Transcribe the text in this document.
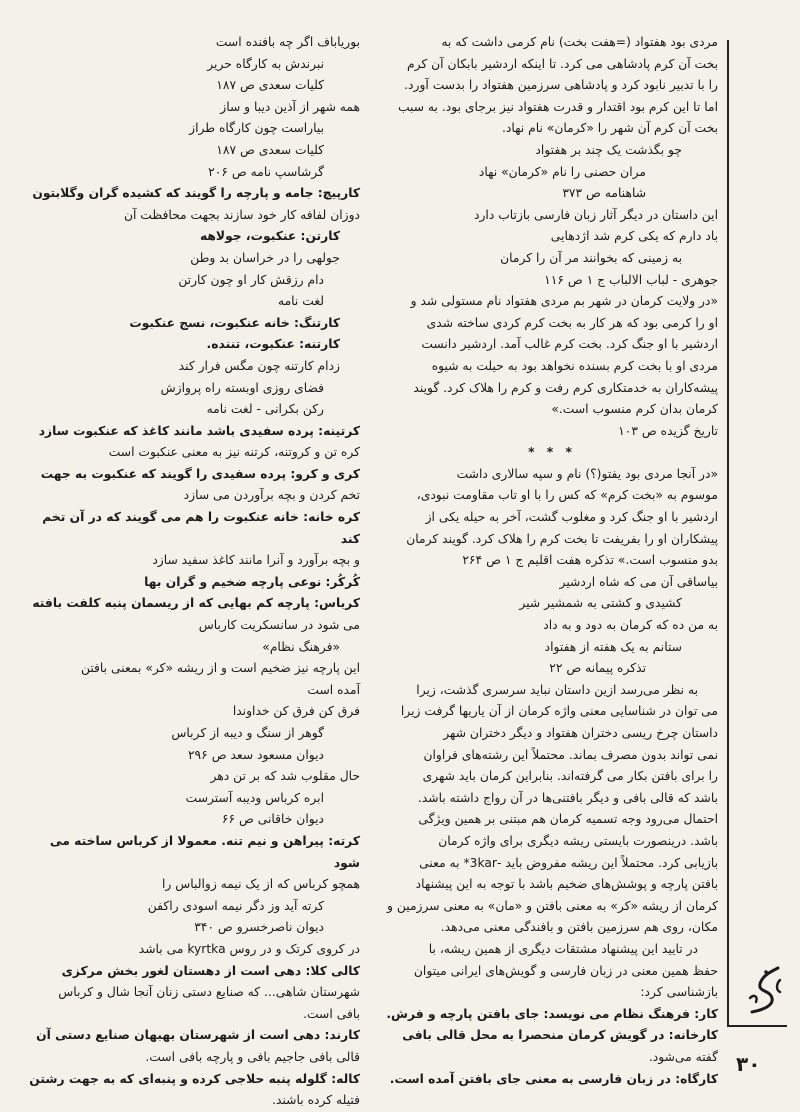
مردی بود هفتواد (=هفت بخت) نام کرمی داشت که به

بخت آن کرم پادشاهی می کرد. تا اینکه اردشیر بابکان آن کرم

را با تدبیر نابود کرد و پادشاهی سرزمین هفتواد را بدست آورد.

اما تا این کرم بود اقتدار و قدرت هفتواد نیز برجای بود. به سبب

بخت آن کرم آن شهر را «کرمان» نام نهاد.

چو بگذشت یک چند بر هفتواد

مران حصنی را نام «کرمان» نهاد

شاهنامه ص ۳۷۳

این داستان در دیگر آثار زبان فارسی بازتاب دارد

باد دارم که یکی کرم شد اژدهایی

به زمینی که بخوانند مر آن را کرمان

جوهری - لباب الالباب ج ۱ ص ۱۱۶

«در ولایت کرمان در شهر بم مردی هفتواد نام مستولی شد و

او را کرمی بود که هر کار به بخت کرم کردی ساخته شدی

اردشیر با او جنگ کرد. بخت کرم غالب آمد. اردشیر دانست

مردی او با بخت کرم بسنده نخواهد بود به حیلت به شیوه

پیشه‌کاران به خدمتکاری کرم رفت و کرم را هلاک کرد. گویند

کرمان بدان کرم منسوب است.»

تاریخ گزیده ص ۱۰۳

* * *

«در آنجا مردی بود یفتو(؟) نام و سپه سالاری داشت

موسوم به «بخت کرم» که کس را با او تاب مقاومت نبودی،

اردشیر با او جنگ کرد و مغلوب گشت، آخر به حیله یکی از

پیشکاران او را بفریفت تا بخت کرم را هلاک کرد. گویند کرمان

بدو منسوب است.» تذکره هفت اقلیم ج ۱ ص ۲۶۴

بیاساقی آن می که شاه اردشیر

کشیدی و کشتی به شمشیر شیر

به من ده که کرمان به دود و به داد

ستانم به یک هفته از هفتواد

تذکره پیمانه ص ۲۲

به نظر می‌رسد ازین داستان نباید سرسری گذشت، زیرا

می توان در شناسایی معنی واژه کرمان از آن یاریها گرفت زیرا

داستان چرخ ریسی دختران هفتواد و دیگر دختران شهر

نمی تواند بدون مصرف بماند. محتملاً این رشته‌های فراوان

را برای بافتن بکار می گرفته‌اند. بنابراین کرمان باید شهری

باشد که قالی بافی و دیگر بافتنی‌ها در آن رواج داشته باشد.

احتمال می‌رود وجه تسمیه کرمان هم مبتنی بر همین ویژگی

باشد. درینصورت بایستی ریشه دیگری برای واژه کرمان

بازیابی کرد. محتملاً این ریشه مفروض باید -3kar* به معنی

بافتن پارچه و پوشش‌های ضخیم باشد با توجه به این پیشنهاد

کرمان از ریشه «کر» به معنی بافتن و «مان» به معنی سرزمین و

مکان، روی هم سرزمین بافتن و بافندگی معنی می‌دهد.

در تایید این پیشنهاد مشتقات دیگری از همین ریشه، با

حفظ همین معنی در زبان فارسی و گویش‌های ایرانی میتوان

بازشناسی کرد:

کار: فرهنگ نظام می نویسد: جای بافتن پارچه و فرش.

کارخانه: در گویش کرمان منحصرا به محل قالی بافی

گفته می‌شود.

کارگاه: در زبان فارسی به معنی جای بافتن آمده است.

بوریاباف اگر چه بافنده است

نبرندش به کارگاه حریر

کلیات سعدی ص ۱۸۷

همه شهر از آذین دیبا و ساز

بیاراست چون کارگاه طراز

کلیات سعدی ص ۱۸۷

گرشاسپ نامه ص ۲۰۶

کارپیچ: جامه و پارچه را گویند که کشیده گران وگلابتون

دوزان لفافه کار خود سازند بجهت محافظت آن

کارتن: عنکبوت، جولاهه

جولهی را در خراسان بد وطن

دام رزقش کار او چون کارتن

لغت نامه

کارتنگ: خانه عنکبوت، نسج عنکبوت

کارتنه: عنکبوت، تننده.

زدام کارتنه چون مگس فرار کند

فضای روزی اوبسته راه پروازش

رکن بکرانی - لغت نامه

کرتینه: پرده سفیدی باشد مانند کاغذ که عنکبوت سازد

کره تن و کروتنه، کرتنه نیز به معنی عنکبوت است

کری و کرو: پرده سفیدی را گویند که عنکبوت به جهت

تخم کردن و بچه برآوردن می سازد

کره خانه: خانه عنکبوت را هم می گویند که در آن تخم کند

و بچه برآورد و آنرا مانند کاغذ سفید سازد

کُرکُر: نوعی پارچه ضخیم و گران بها

کرباس: پارچه کم بهایی که از ریسمان پنبه کلفت بافته

می شود در سانسکریت کارباس

«فرهنگ نظام»

این پارچه نیز ضخیم است و از ریشه «کر» بمعنی بافتن

آمده است

فرق کن فرق کن خداوندا

گوهر از سنگ و دیبه از کرباس

دیوان مسعود سعد ص ۲۹۶

حال مقلوب شد که بر تن دهر

ابره کرباس ودیبه آسترست

دیوان خاقانی ص ۶۶

کرته: پیراهن و نیم تنه. معمولا از کرباس ساخته می شود

همچو کرباس که از یک نیمه زوالباس را

کرته آید وز دگر نیمه اسودی راکفن

دیوان ناصرخسرو ص ۳۴۰

در کروی کرتک و در روس kyrtka می باشد

کالی کلا: دهی است از دهستان لغور بخش مرکزی

شهرستان شاهی... که صنایع دستی زنان آنجا شال و کرباس

بافی است.

کارند: دهی است از شهرستان بهبهان صنایع دستی آن

قالی بافی جاجیم بافی و پارچه بافی است.

کاله: گلوله پنبه حلاجی کرده و پنبه‌ای که به جهت رشتن

فتیله کرده باشند.

۳۰
